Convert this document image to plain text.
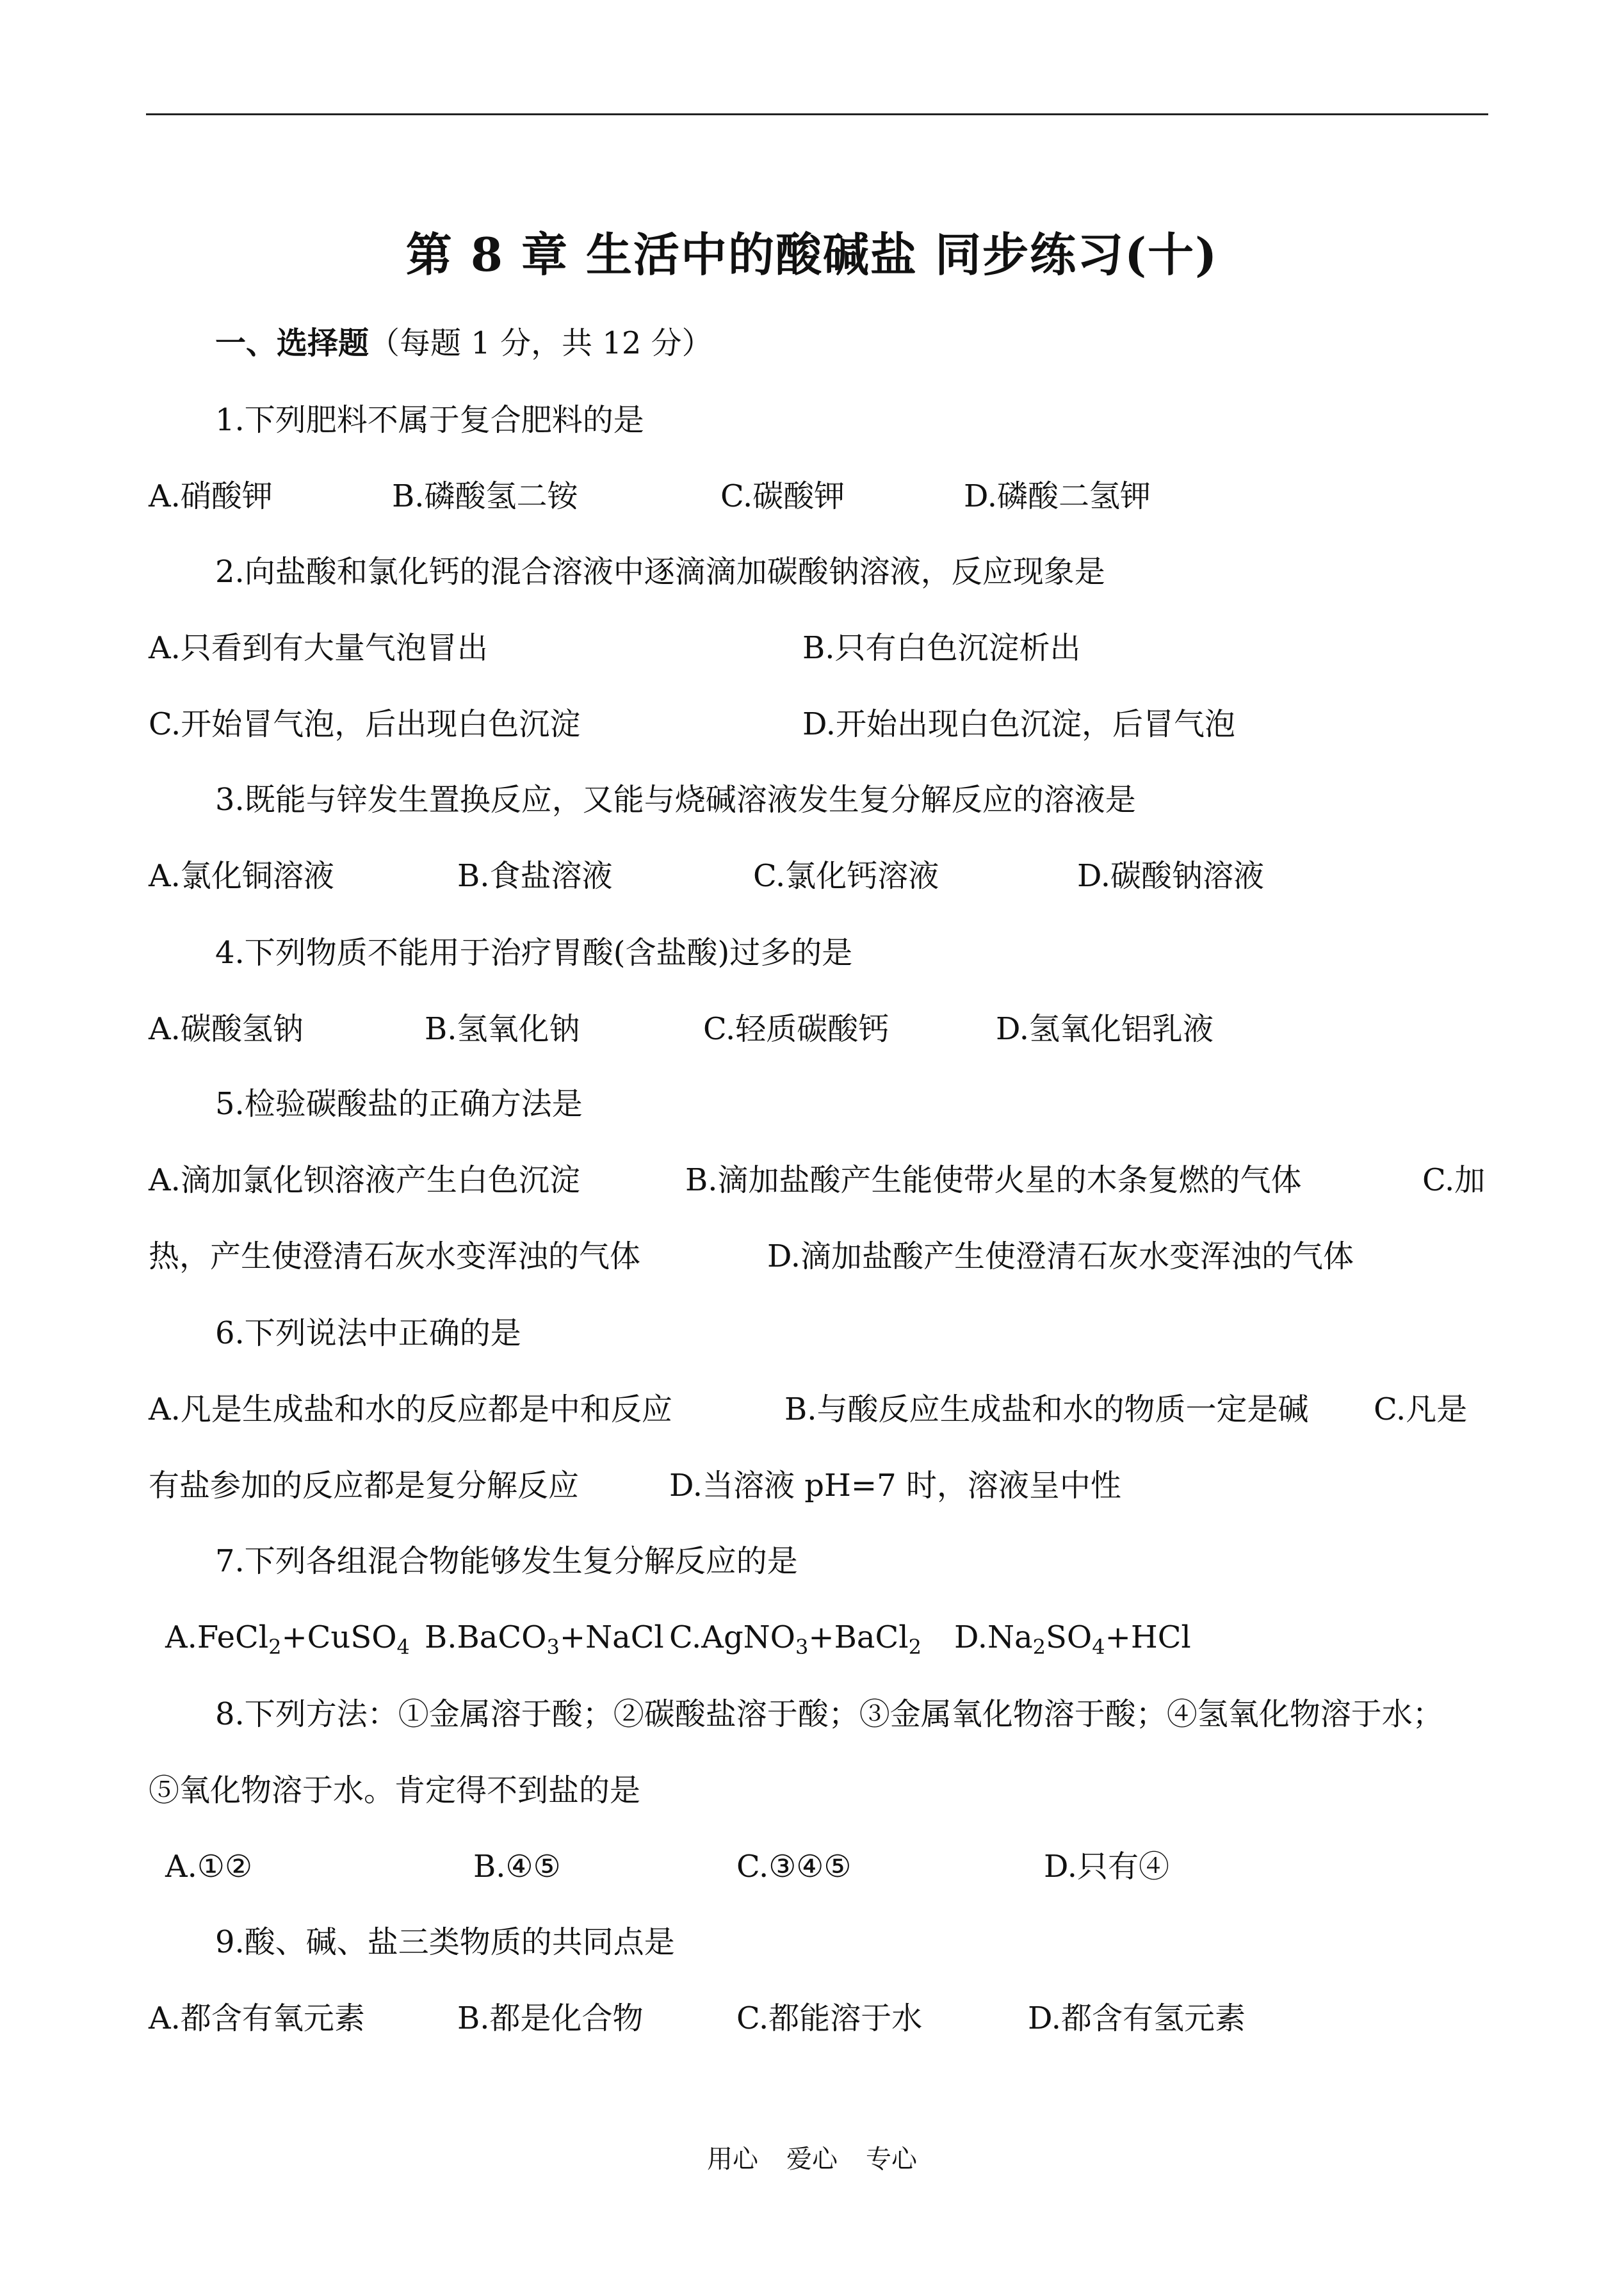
第 8 章 生活中的酸碱盐 同步练习(十)
一、选择题（每题 1 分，共 12 分）
1.下列肥料不属于复合肥料的是
A.硝酸钾	B.磷酸氢二铵	C.碳酸钾	D.磷酸二氢钾
2.向盐酸和氯化钙的混合溶液中逐滴滴加碳酸钠溶液，反应现象是
A.只看到有大量气泡冒出	B.只有白色沉淀析出
C.开始冒气泡，后出现白色沉淀	D.开始出现白色沉淀，后冒气泡
3.既能与锌发生置换反应，又能与烧碱溶液发生复分解反应的溶液是
A.氯化铜溶液	B.食盐溶液	C.氯化钙溶液	D.碳酸钠溶液
4.下列物质不能用于治疗胃酸(含盐酸)过多的是
A.碳酸氢钠	B.氢氧化钠	C.轻质碳酸钙	D.氢氧化铝乳液
5.检验碳酸盐的正确方法是
A.滴加氯化钡溶液产生白色沉淀	B.滴加盐酸产生能使带火星的木条复燃的气体	C.加
热，产生使澄清石灰水变浑浊的气体	D.滴加盐酸产生使澄清石灰水变浑浊的气体
6.下列说法中正确的是
A.凡是生成盐和水的反应都是中和反应	B.与酸反应生成盐和水的物质一定是碱 C.凡是
有盐参加的反应都是复分解反应	D.当溶液 pH=7 时，溶液呈中性
7.下列各组混合物能够发生复分解反应的是
A.FeCl$_2$+CuSO$_4$ B.BaCO$_3$+NaCl C.AgNO$_3$+BaCl$_2$ $D.Na_2SO_4+HCl$
8.下列方法：①金属溶于酸；②碳酸盐溶于酸；③金属氧化物溶于酸；④氢氧化物溶于水；
⑤氧化物溶于水。肯定得不到盐的是
A.①②	B.④⑤	C.③④⑤	D.只有④
9.酸、碱、盐三类物质的共同点是
A.都含有氧元素	B.都是化合物	C.都能溶于水	D.都含有氢元素
用心 爱心 专心
